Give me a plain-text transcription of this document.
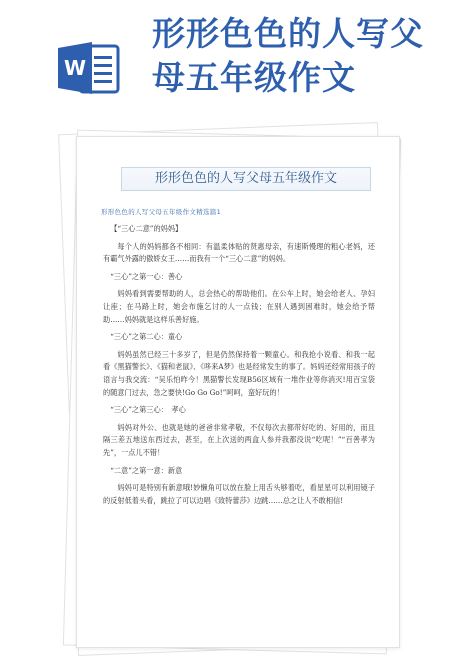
W
形形色色的人写父母五年级作文
形形色色的人写父母五年级作文
形形色色的人写父母五年级作文精选篇1

【“三心二意”的妈妈】

每个人的妈妈都各不相同：有温柔体贴的贤惠母亲，有速斯慢理的粗心老妈，还有霸气外露的傲娇女王……而我有一个“三心二意”的妈妈。

“三心”之第一心：善心

妈妈看到需要帮助的人，总会热心的帮助他们。在公车上时，她会给老人、孕妇让座；在马路上时，她会布施乞讨的人一点钱；在别人遇到困难时，她会给予帮助……妈妈就是这样乐善好施。

“三心”之第二心：童心

妈妈虽然已经三十多岁了，但是仍然保持着一颗童心。和我抢小说看、和我一起看《黑猫警长》、《猫和老鼠》、《哆来A梦》也是经常发生的事了。妈妈还经常用孩子的语言与我交流：“吴乐怕昨今！黑猫警长发现B56区域有一堆作业等你消灭!用百宝袋的随意门过去，急之要快!Go Go Go!”呵呵，蛮好玩的！

“三心”之第三心：　孝心

妈妈对外公、也就是她的爸爸非常孝敬，不仅每次去都带好吃的、好用的，而且隔三差五地送东西过去，甚至，在上次送的两盒人参并我都没说“吃呢！”“百善孝为先”，一点儿不错！

“二意”之第一意：新意

妈妈可是特别有新意哦!妙懒角可以放在脸上用舌头够着吃，看星星可以利用镜子的反射低着头看，跳拉了可以边唱《致特蕾莎》边跳……总之让人不敢相信!
